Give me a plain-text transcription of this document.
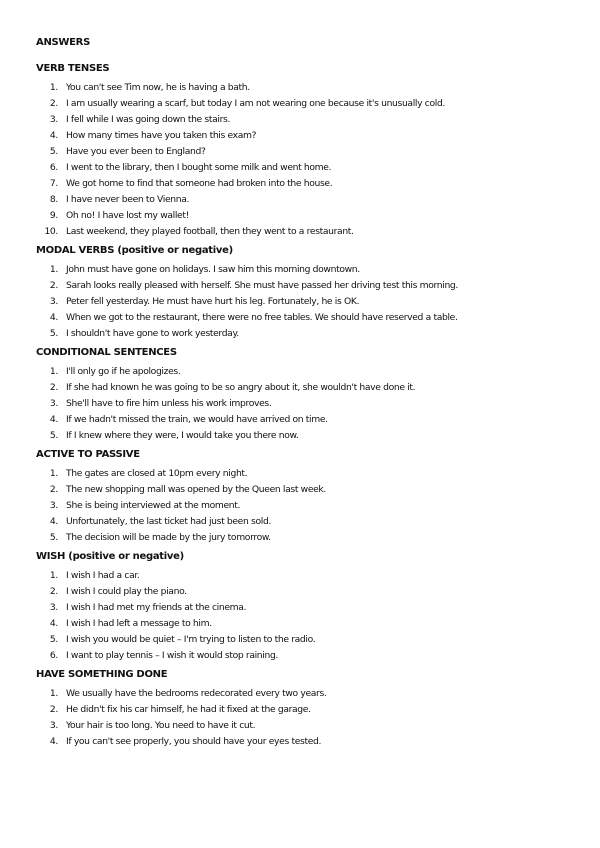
ANSWERS
VERB TENSES
1. You can't see Tim now, he is having a bath.
2. I am usually wearing a scarf, but today I am not wearing one because it's unusually cold.
3. I fell while I was going down the stairs.
4. How many times have you taken this exam?
5. Have you ever been to England?
6. I went to the library, then I bought some milk and went home.
7. We got home to find that someone had broken into the house.
8. I have never been to Vienna.
9. Oh no! I have lost my wallet!
10. Last weekend, they played football, then they went to a restaurant.
MODAL VERBS (positive or negative)
1. John must have gone on holidays. I saw him this morning downtown.
2. Sarah looks really pleased with herself. She must have passed her driving test this morning.
3. Peter fell yesterday. He must have hurt his leg. Fortunately, he is OK.
4. When we got to the restaurant, there were no free tables. We should have reserved a table.
5. I shouldn't have gone to work yesterday.
CONDITIONAL SENTENCES
1. I'll only go if he apologizes.
2. If she had known he was going to be so angry about it, she wouldn't have done it.
3. She'll have to fire him unless his work improves.
4. If we hadn't missed the train, we would have arrived on time.
5. If I knew where they were, I would take you there now.
ACTIVE TO PASSIVE
1. The gates are closed at 10pm every night.
2. The new shopping mall was opened by the Queen last week.
3. She is being interviewed at the moment.
4. Unfortunately, the last ticket had just been sold.
5. The decision will be made by the jury tomorrow.
WISH (positive or negative)
1. I wish I had a car.
2. I wish I could play the piano.
3. I wish I had met my friends at the cinema.
4. I wish I had left a message to him.
5. I wish you would be quiet – I'm trying to listen to the radio.
6. I want to play tennis – I wish it would stop raining.
HAVE SOMETHING DONE
1. We usually have the bedrooms redecorated every two years.
2. He didn't fix his car himself, he had it fixed at the garage.
3. Your hair is too long. You need to have it cut.
4. If you can't see properly, you should have your eyes tested.
